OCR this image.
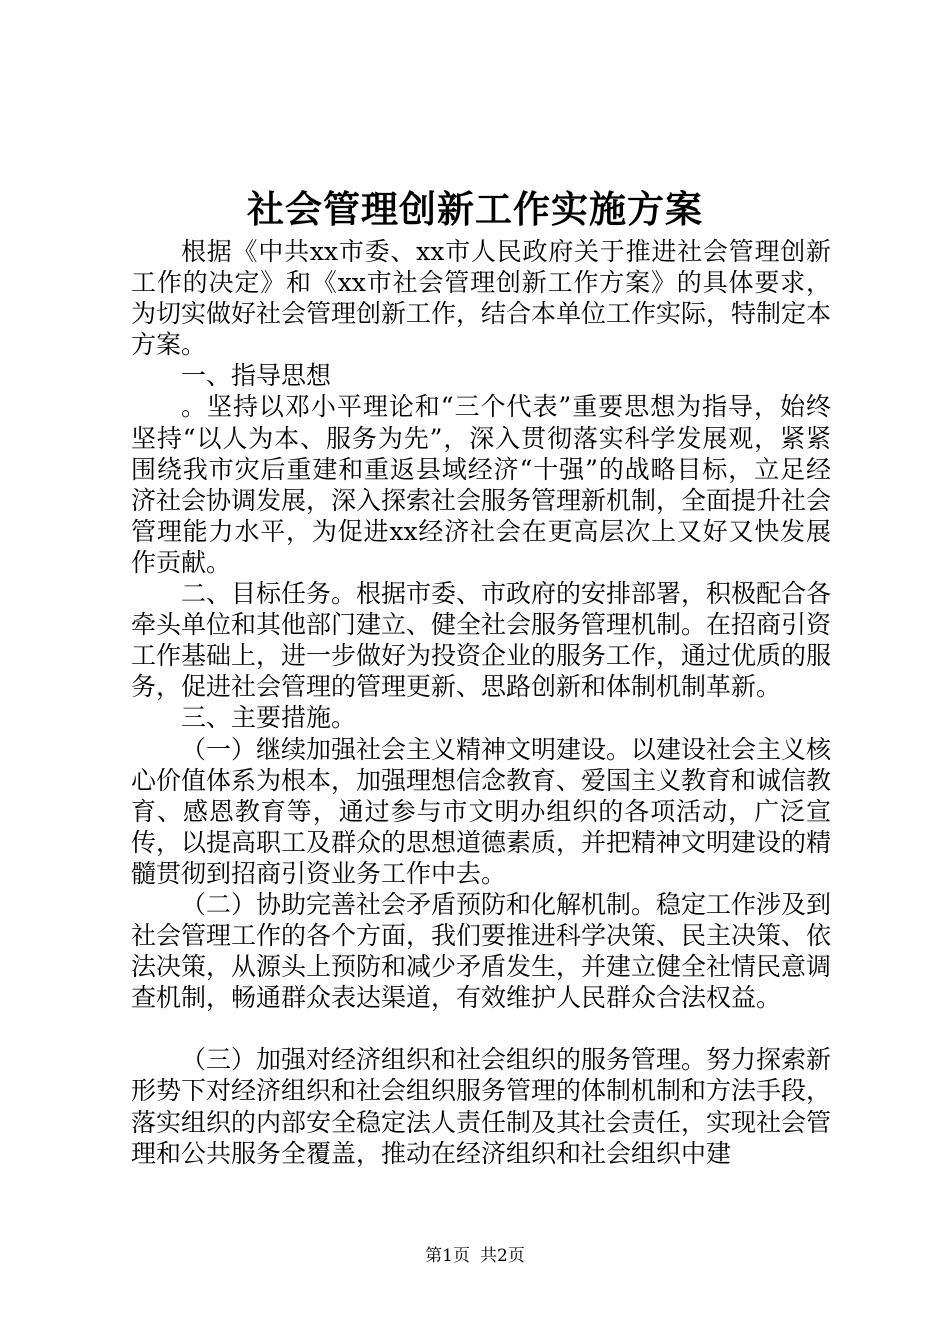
社会管理创新工作实施方案

根据《中共xx市委、xx市人民政府关于推进社会管理创新工作的决定》和《xx市社会管理创新工作方案》的具体要求，为切实做好社会管理创新工作，结合本单位工作实际，特制定本方案。

一、指导思想

。坚持以邓小平理论和“三个代表”重要思想为指导，始终坚持“以人为本、服务为先”，深入贯彻落实科学发展观，紧紧围绕我市灾后重建和重返县域经济“十强”的战略目标，立足经济社会协调发展，深入探索社会服务管理新机制，全面提升社会管理能力水平，为促进xx经济社会在更高层次上又好又快发展作贡献。

二、目标任务。根据市委、市政府的安排部署，积极配合各牵头单位和其他部门建立、健全社会服务管理机制。在招商引资工作基础上，进一步做好为投资企业的服务工作，通过优质的服务，促进社会管理的管理更新、思路创新和体制机制革新。

三、主要措施。

（一）继续加强社会主义精神文明建设。以建设社会主义核心价值体系为根本，加强理想信念教育、爱国主义教育和诚信教育、感恩教育等，通过参与市文明办组织的各项活动，广泛宣传，以提高职工及群众的思想道德素质，并把精神文明建设的精髓贯彻到招商引资业务工作中去。

（二）协助完善社会矛盾预防和化解机制。稳定工作涉及到社会管理工作的各个方面，我们要推进科学决策、民主决策、依法决策，从源头上预防和减少矛盾发生，并建立健全社情民意调查机制，畅通群众表达渠道，有效维护人民群众合法权益。

（三）加强对经济组织和社会组织的服务管理。努力探索新形势下对经济组织和社会组织服务管理的体制机制和方法手段，落实组织的内部安全稳定法人责任制及其社会责任，实现社会管理和公共服务全覆盖，推动在经济组织和社会组织中建

第1页 共2页
